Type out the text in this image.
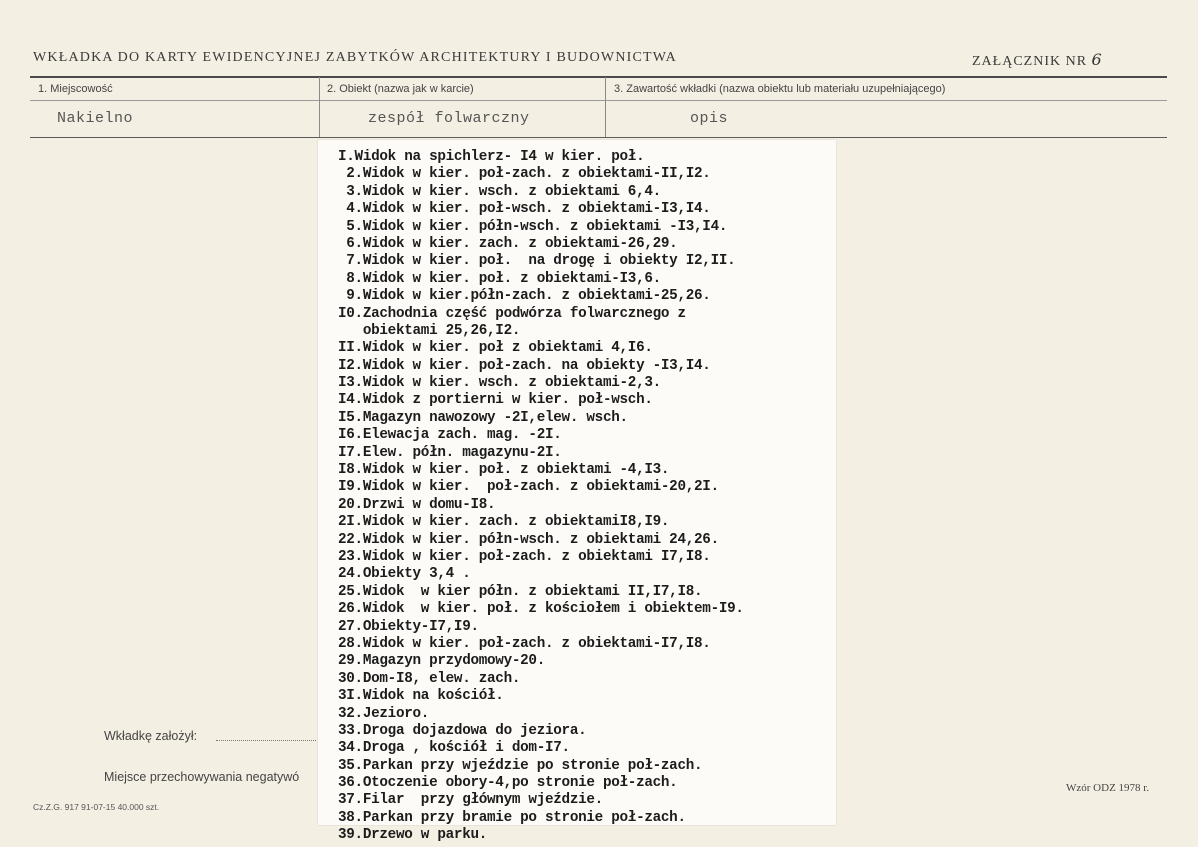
WKŁADKA DO KARTY EWIDENCYJNEJ ZABYTKÓW ARCHITEKTURY I BUDOWNICTWA	ZAŁĄCZNIK NR 6
1. Miejscowość
Nakielno
2. Obiekt (nazwa jak w karcie)
zespół folwarczny
3. Zawartość wkładki (nazwa obiektu lub materiału uzupełniającego)
opis
I.Widok na spichlerz- I4 w kier. poł.
2.Widok w kier. poł-zach. z obiektami-II,I2.
3.Widok w kier. wsch. z obiektami 6,4.
4.Widok w kier. poł-wsch. z obiektami-I3,I4.
5.Widok w kier. półn-wsch. z obiektami -I3,I4.
6.Widok w kier. zach. z obiektami-26,29.
7.Widok w kier. poł.  na drogę i obiekty I2,II.
8.Widok w kier. poł. z obiektami-I3,6.
9.Widok w kier.półn-zach. z obiektami-25,26.
I0.Zachodnia część podwórza folwarcznego z
obiektami 25,26,I2.
II.Widok w kier. poł z obiektami 4,I6.
I2.Widok w kier. poł-zach. na obiekty -I3,I4.
I3.Widok w kier. wsch. z obiektami-2,3.
I4.Widok z portierni w kier. poł-wsch.
I5.Magazyn nawozowy -2I,elew. wsch.
I6.Elewacja zach. mag. -2I.
I7.Elew. półn. magazynu-2I.
I8.Widok w kier. poł. z obiektami -4,I3.
I9.Widok w kier.  poł-zach. z obiektami-20,2I.
20.Drzwi w domu-I8.
2I.Widok w kier. zach. z obiektamiI8,I9.
22.Widok w kier. półn-wsch. z obiektami 24,26.
23.Widok w kier. poł-zach. z obiektami I7,I8.
24.Obiekty 3,4 .
25.Widok  w kier półn. z obiektami II,I7,I8.
26.Widok  w kier. poł. z kościołem i obiektem-I9.
27.Obiekty-I7,I9.
28.Widok w kier. poł-zach. z obiektami-I7,I8.
29.Magazyn przydomowy-20.
30.Dom-I8, elew. zach.
3I.Widok na kościół.
32.Jezioro.
33.Droga dojazdowa do jeziora.
34.Droga , kościół i dom-I7.
35.Parkan przy wjeździe po stronie poł-zach.
36.Otoczenie obory-4,po stronie poł-zach.
37.Filar  przy głównym wjeździe.
38.Parkan przy bramie po stronie poł-zach.
39.Drzewo w parku.
Wkładkę założył:
Miejsce przechowywania negatywó
Cz.Z.G. 917 91-07-15 40.000 szt.
Wzór ODZ 1978 r.
